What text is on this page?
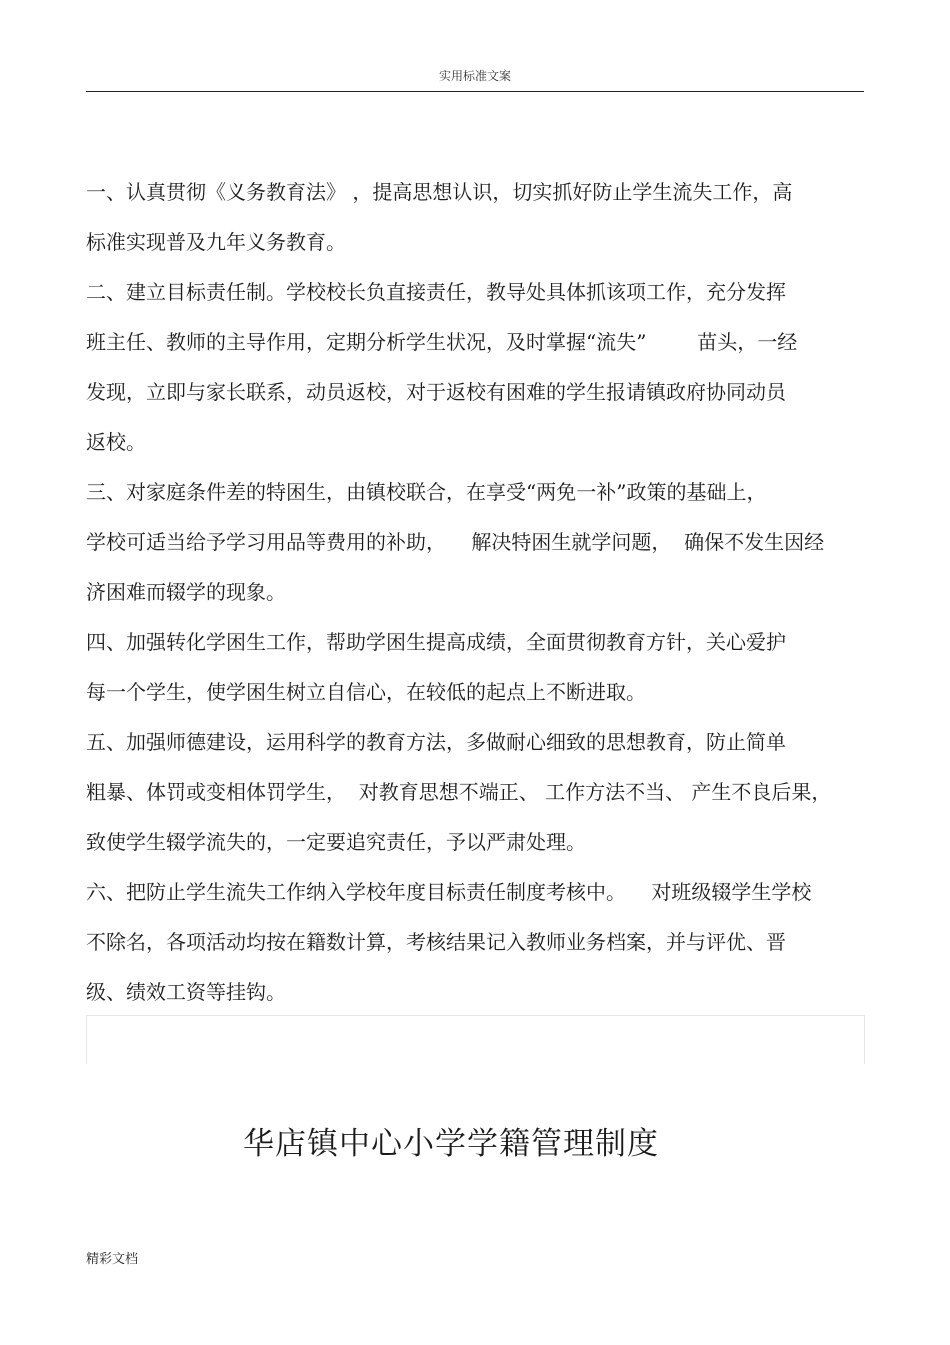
实用标准文案
一、认真贯彻《义务教育法》 ，提高思想认识，切实抓好防止学生流失工作，高
标准实现普及九年义务教育。
二、建立目标责任制。学校校长负直接责任，教导处具体抓该项工作，充分发挥
班主任、教师的主导作用，定期分析学生状况，及时掌握“流失”        苗头，一经
发现，立即与家长联系，动员返校，对于返校有困难的学生报请镇政府协同动员
返校。
三、对家庭条件差的特困生，由镇校联合，在享受“两免一补”政策的基础上，
学校可适当给予学习用品等费用的补助，    解决特困生就学问题，  确保不发生因经
济困难而辍学的现象。
四、加强转化学困生工作，帮助学困生提高成绩，全面贯彻教育方针，关心爱护
每一个学生，使学困生树立自信心，在较低的起点上不断进取。
五、加强师德建设，运用科学的教育方法，多做耐心细致的思想教育，防止简单
粗暴、体罚或变相体罚学生，  对教育思想不端正、 工作方法不当、 产生不良后果，
致使学生辍学流失的，一定要追究责任，予以严肃处理。
六、把防止学生流失工作纳入学校年度目标责任制度考核中。    对班级辍学生学校
不除名，各项活动均按在籍数计算，考核结果记入教师业务档案，并与评优、晋
级、绩效工资等挂钩。
华店镇中心小学学籍管理制度
精彩文档
